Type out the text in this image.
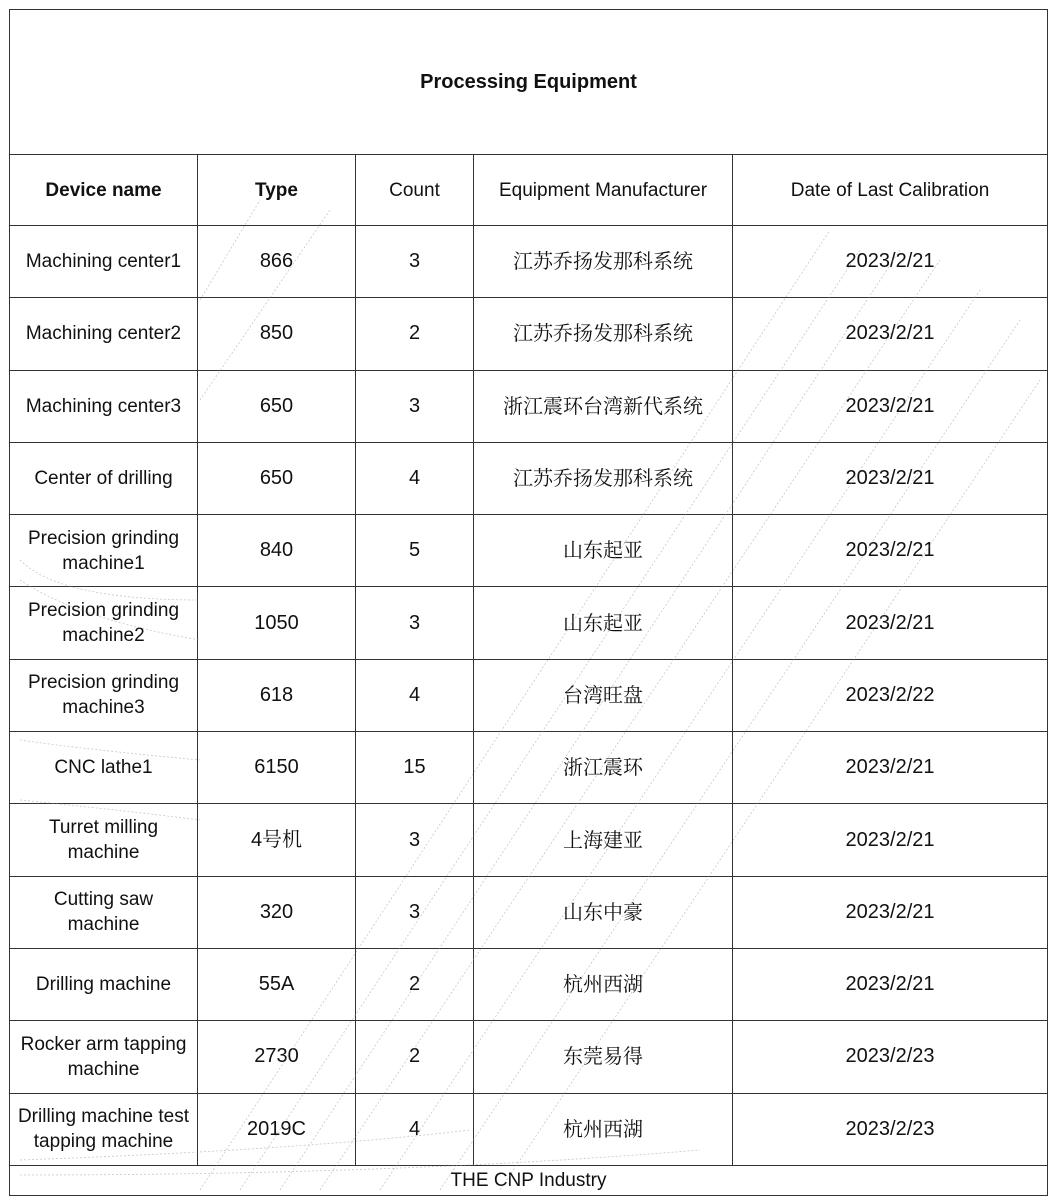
Processing Equipment				
Device name	Type	Count	Equipment Manufacturer	Date of Last Calibration
Machining center1	866	3	江苏乔扬发那科系统	2023/2/21
Machining center2	850	2	江苏乔扬发那科系统	2023/2/21
Machining center3	650	3	浙江震环台湾新代系统	2023/2/21
Center of drilling	650	4	江苏乔扬发那科系统	2023/2/21
Precision grinding machine1	840	5	山东起亚	2023/2/21
Precision grinding machine2	1050	3	山东起亚	2023/2/21
Precision grinding machine3	618	4	台湾旺盘	2023/2/22
CNC lathe1	6150	15	浙江震环	2023/2/21
Turret milling machine	4号机	3	上海建亚	2023/2/21
Cutting saw machine	320	3	山东中豪	2023/2/21
Drilling machine	55A	2	杭州西湖	2023/2/21
Rocker arm tapping machine	2730	2	东莞易得	2023/2/23
Drilling machine test tapping machine	2019C	4	杭州西湖	2023/2/23
THE CNP Industry				
